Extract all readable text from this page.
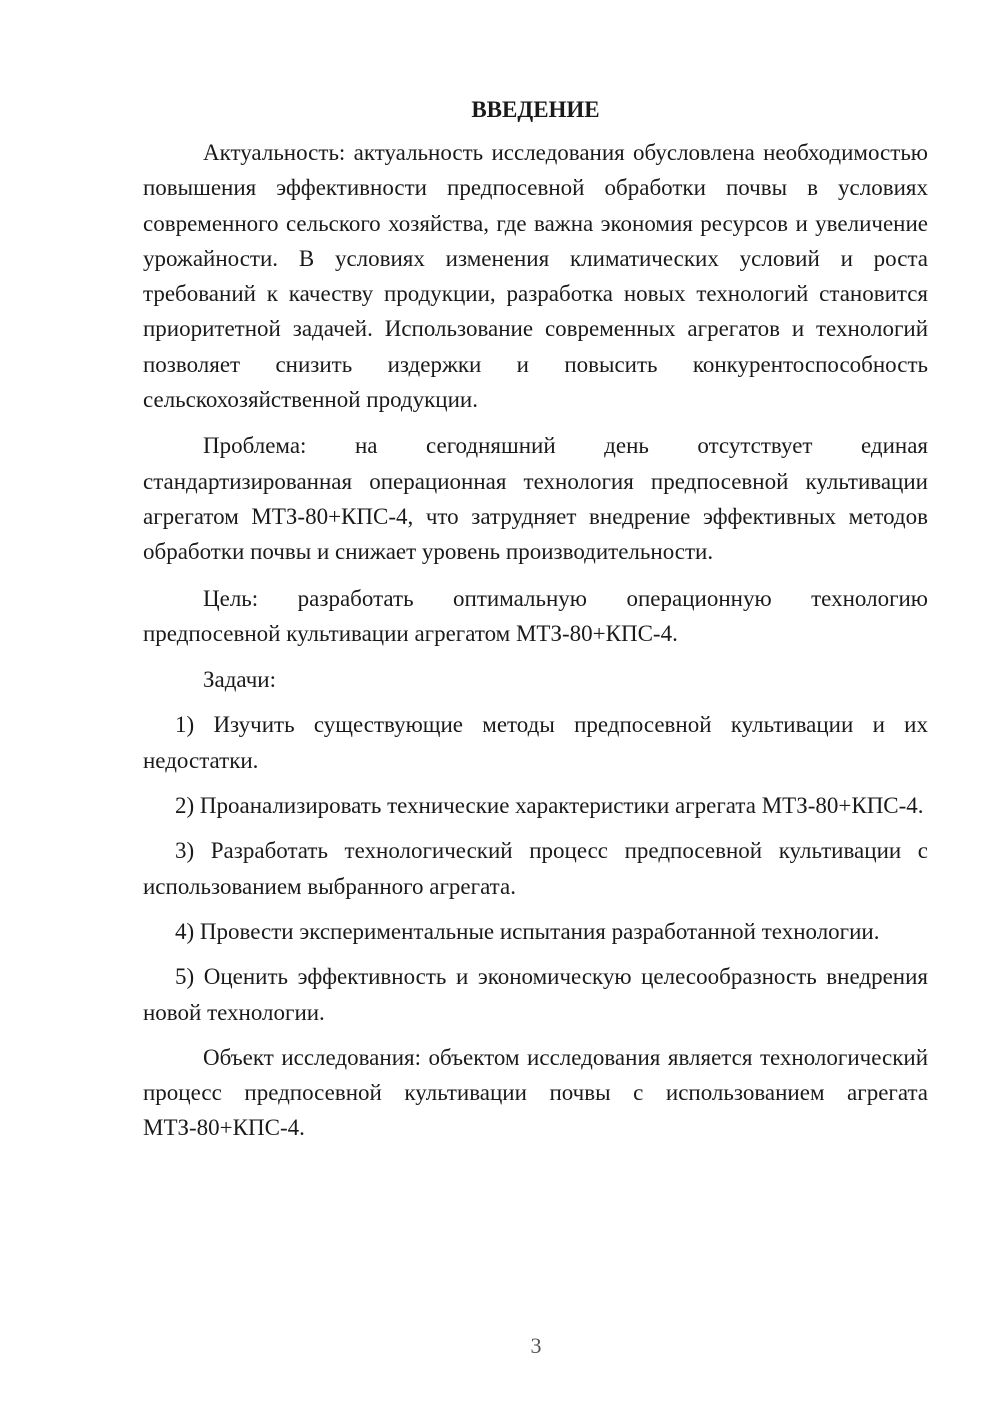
ВВЕДЕНИЕ

Актуальность: актуальность исследования обусловлена необходимостью повышения эффективности предпосевной обработки почвы в условиях современного сельского хозяйства, где важна экономия ресурсов и увеличение урожайности. В условиях изменения климатических условий и роста требований к качеству продукции, разработка новых технологий становится приоритетной задачей. Использование современных агрегатов и технологий позволяет снизить издержки и повысить конкурентоспособность сельскохозяйственной продукции.

Проблема: на сегодняшний день отсутствует единая стандартизированная операционная технология предпосевной культивации агрегатом МТЗ-80+КПС-4, что затрудняет внедрение эффективных методов обработки почвы и снижает уровень производительности.

Цель: разработать оптимальную операционную технологию предпосевной культивации агрегатом МТЗ-80+КПС-4.

Задачи:

1) Изучить существующие методы предпосевной культивации и их недостатки.

2) Проанализировать технические характеристики агрегата МТЗ-80+КПС-4.

3) Разработать технологический процесс предпосевной культивации с использованием выбранного агрегата.

4) Провести экспериментальные испытания разработанной технологии.

5) Оценить эффективность и экономическую целесообразность внедрения новой технологии.

Объект исследования: объектом исследования является технологический процесс предпосевной культивации почвы с использованием агрегата МТЗ-80+КПС-4.

3
